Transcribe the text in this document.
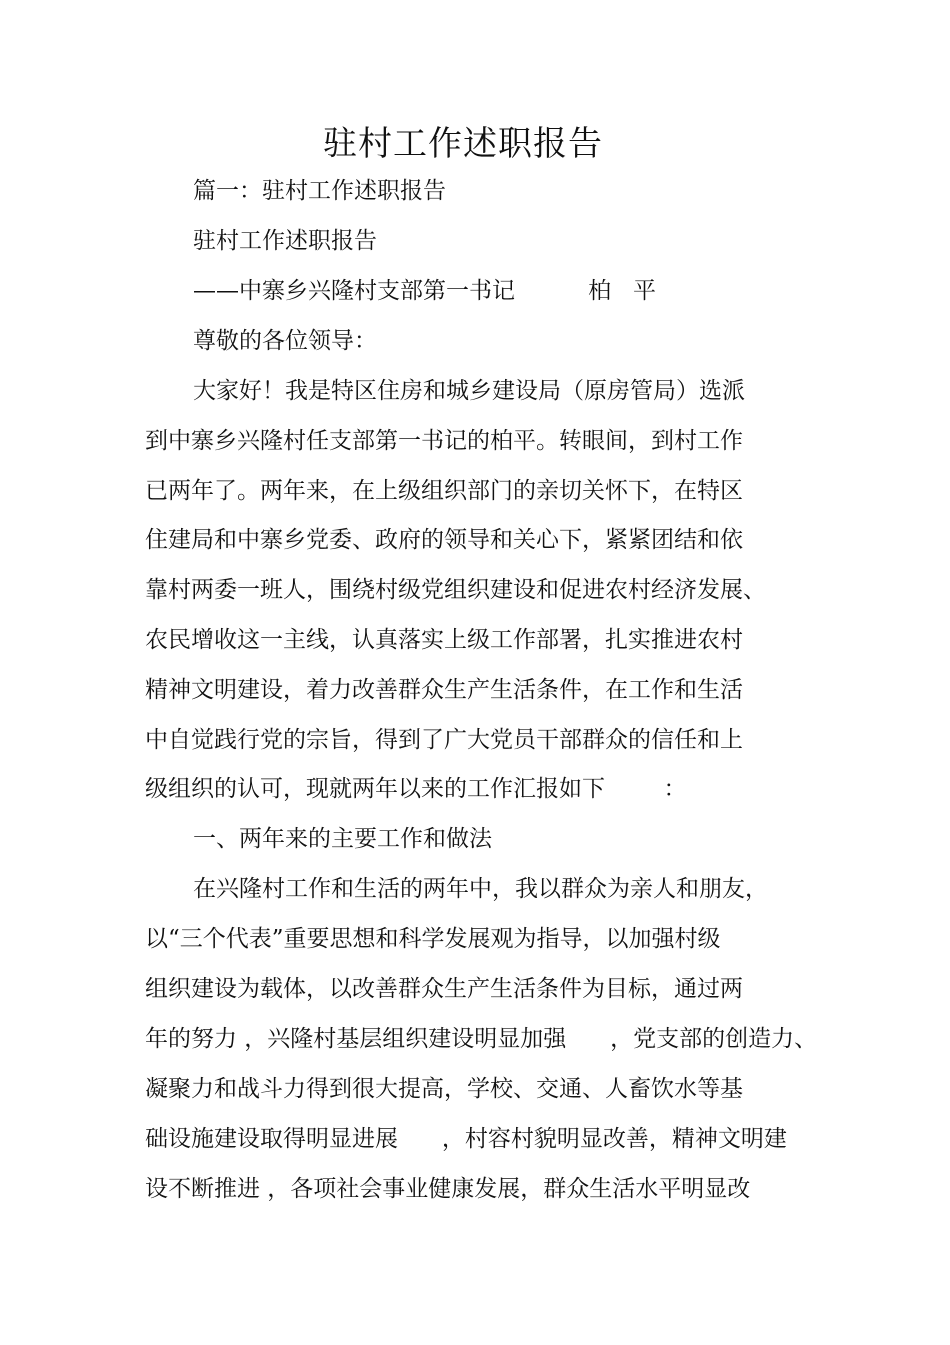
驻村工作述职报告

篇一：驻村工作述职报告

驻村工作述职报告

——中寨乡兴隆村支部第一书记          柏   平

尊敬的各位领导：

大家好！我是特区住房和城乡建设局（原房管局）选派

到中寨乡兴隆村任支部第一书记的柏平。转眼间，到村工作

已两年了。两年来，在上级组织部门的亲切关怀下，在特区

住建局和中寨乡党委、政府的领导和关心下，紧紧团结和依

靠村两委一班人，围绕村级党组织建设和促进农村经济发展、

农民增收这一主线，认真落实上级工作部署，扎实推进农村

精神文明建设，着力改善群众生产生活条件，在工作和生活

中自觉践行党的宗旨，得到了广大党员干部群众的信任和上

级组织的认可，现就两年以来的工作汇报如下        ：

一、两年来的主要工作和做法

在兴隆村工作和生活的两年中，我以群众为亲人和朋友，

以“三个代表”重要思想和科学发展观为指导，以加强村级

组织建设为载体，以改善群众生产生活条件为目标，通过两

年的努力 ，兴隆村基层组织建设明显加强      ，党支部的创造力、

凝聚力和战斗力得到很大提高，学校、交通、人畜饮水等基

础设施建设取得明显进展      ，村容村貌明显改善，精神文明建

设不断推进 ，各项社会事业健康发展，群众生活水平明显改
